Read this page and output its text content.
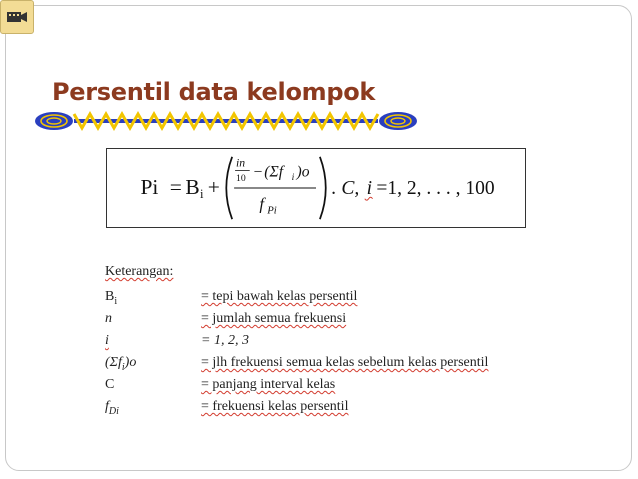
Persentil data kelompok
Pi = B i +
in
10 − (Σf i )o
f Pi
. C, i =1, 2, . . . , 100
Keterangan:
$B_i$	= tepi bawah kelas persentil
n	= jumlah semua frekuensi
i	= 1, 2, 3
$(\Sigma f_i)o$	= jlh frekuensi semua kelas sebelum kelas persentil
C	= panjang interval kelas
$f_{Di}$	= frekuensi kelas persentil
